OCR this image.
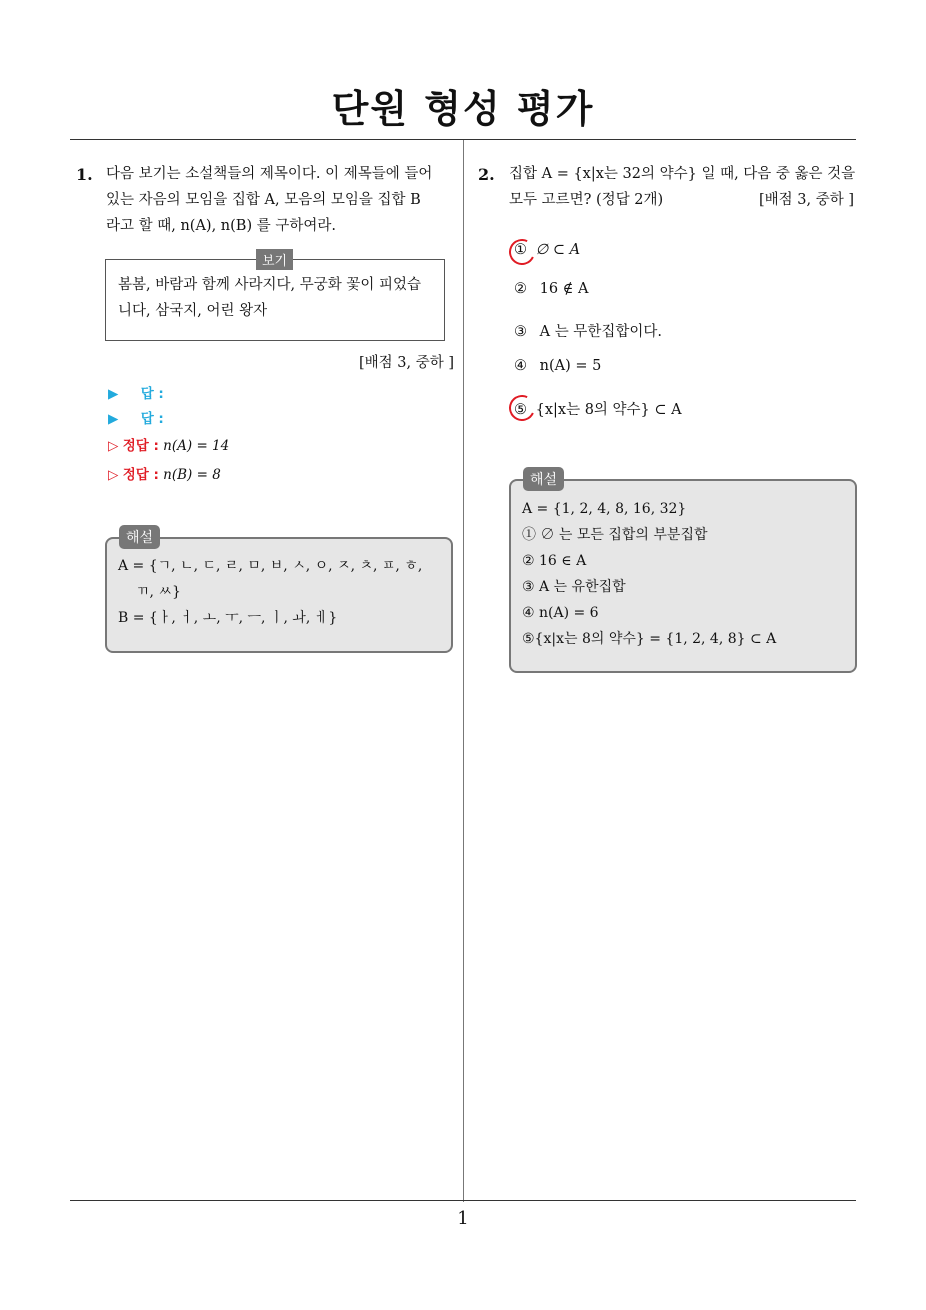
단원 형성 평가
1. 다음 보기는 소설책들의 제목이다. 이 제목들에 들어
있는 자음의 모임을 집합 A, 모음의 모임을 집합 B
라고 할 때, n(A), n(B) 를 구하여라.
보기
봄봄, 바람과 함께 사라지다, 무궁화 꽃이 피었습
니다, 삼국지, 어린 왕자
[배점 3, 중하 ]
▶ 답 :
▶ 답 :
▷ 정답 : n(A) = 14
▷ 정답 : n(B) = 8
해설
A = {ㄱ, ㄴ, ㄷ, ㄹ, ㅁ, ㅂ, ㅅ, ㅇ, ㅈ, ㅊ, ㅍ, ㅎ,
ㄲ, ㅆ}
B = {ㅏ, ㅓ, ㅗ, ㅜ, ㅡ, ㅣ, ㅘ, ㅔ}
2. 집합 A = {x|x는 32의 약수} 일 때, 다음 중 옳은 것을
모두 고르면? (정답 2개)	[배점 3, 중하 ]
① ∅ ⊂ A
② 16 ∉ A
③ A 는 무한집합이다.
④ n(A) = 5
⑤ {x|x는 8의 약수} ⊂ A
해설
A = {1, 2, 4, 8, 16, 32}
① ∅ 는 모든 집합의 부분집합
② 16 ∈ A
③ A 는 유한집합
④ n(A) = 6
⑤{x|x는 8의 약수} = {1, 2, 4, 8} ⊂ A
1
